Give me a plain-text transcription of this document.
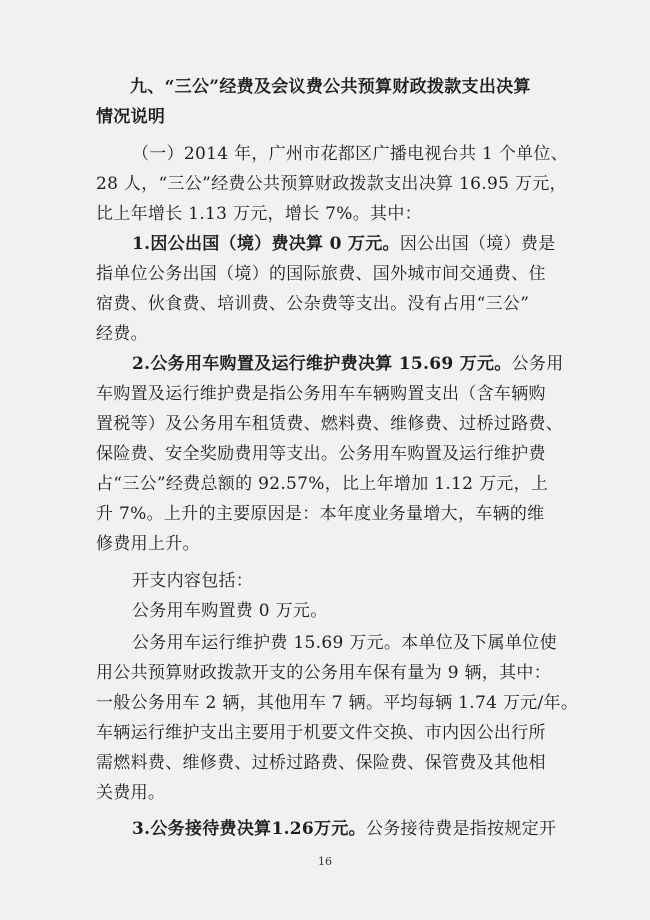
九、“三公”经费及会议费公共预算财政拨款支出决算
情况说明
（一）2014 年，广州市花都区广播电视台共 1 个单位、
28 人，“三公”经费公共预算财政拨款支出决算 16.95 万元，
比上年增长 1.13 万元，增长 7%。其中：
1.因公出国（境）费决算 0 万元。因公出国（境）费是
指单位公务出国（境）的国际旅费、国外城市间交通费、住
宿费、伙食费、培训费、公杂费等支出。没有占用“三公”
经费。
2.公务用车购置及运行维护费决算 15.69 万元。公务用
车购置及运行维护费是指公务用车车辆购置支出（含车辆购
置税等）及公务用车租赁费、燃料费、维修费、过桥过路费、
保险费、安全奖励费用等支出。公务用车购置及运行维护费
占“三公”经费总额的 92.57%，比上年增加 1.12 万元，上
升 7%。上升的主要原因是：本年度业务量增大，车辆的维
修费用上升。
开支内容包括：
公务用车购置费 0 万元。
公务用车运行维护费 15.69 万元。本单位及下属单位使
用公共预算财政拨款开支的公务用车保有量为 9 辆，其中：
一般公务用车 2 辆，其他用车 7 辆。平均每辆 1.74 万元/年。
车辆运行维护支出主要用于机要文件交换、市内因公出行所
需燃料费、维修费、过桥过路费、保险费、保管费及其他相
关费用。
3.公务接待费决算1.26万元。公务接待费是指按规定开
16
